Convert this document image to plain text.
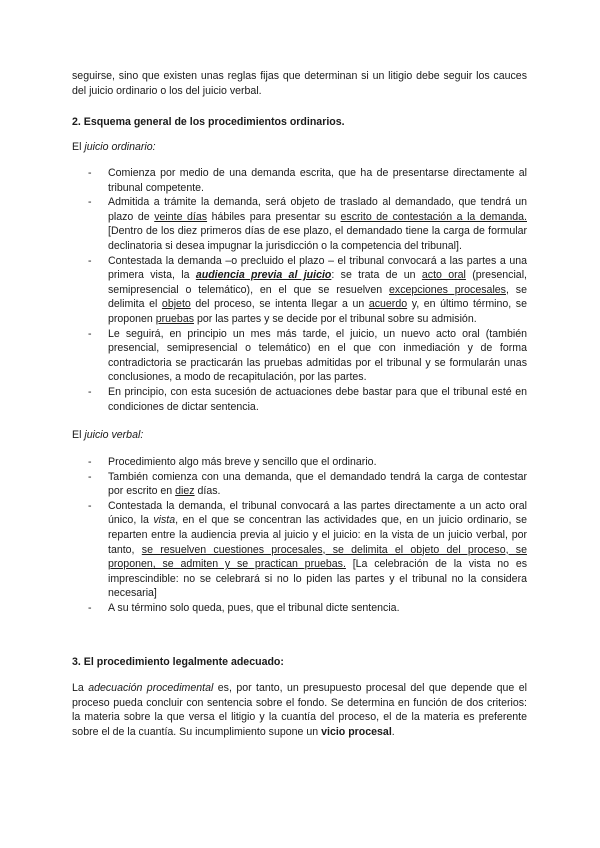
seguirse, sino que existen unas reglas fijas que determinan si un litigio debe seguir los cauces del juicio ordinario o los del juicio verbal.

2. Esquema general de los procedimientos ordinarios.

El juicio ordinario:

- Comienza por medio de una demanda escrita, que ha de presentarse directamente al tribunal competente.
- Admitida a trámite la demanda, será objeto de traslado al demandado, que tendrá un plazo de veinte días hábiles para presentar su escrito de contestación a la demanda. [Dentro de los diez primeros días de ese plazo, el demandado tiene la carga de formular declinatoria si desea impugnar la jurisdicción o la competencia del tribunal].
- Contestada la demanda –o precluido el plazo – el tribunal convocará a las partes a una primera vista, la audiencia previa al juicio: se trata de un acto oral (presencial, semipresencial o telemático), en el que se resuelven excepciones procesales, se delimita el objeto del proceso, se intenta llegar a un acuerdo y, en último término, se proponen pruebas por las partes y se decide por el tribunal sobre su admisión.
- Le seguirá, en principio un mes más tarde, el juicio, un nuevo acto oral (también presencial, semipresencial o telemático) en el que con inmediación y de forma contradictoria se practicarán las pruebas admitidas por el tribunal y se formularán unas conclusiones, a modo de recapitulación, por las partes.
- En principio, con esta sucesión de actuaciones debe bastar para que el tribunal esté en condiciones de dictar sentencia.

El juicio verbal:

- Procedimiento algo más breve y sencillo que el ordinario.
- También comienza con una demanda, que el demandado tendrá la carga de contestar por escrito en diez días.
- Contestada la demanda, el tribunal convocará a las partes directamente a un acto oral único, la vista, en el que se concentran las actividades que, en un juicio ordinario, se reparten entre la audiencia previa al juicio y el juicio: en la vista de un juicio verbal, por tanto, se resuelven cuestiones procesales, se delimita el objeto del proceso, se proponen, se admiten y se practican pruebas. [La celebración de la vista no es imprescindible: no se celebrará si no lo piden las partes y el tribunal no la considera necesaria]
- A su término solo queda, pues, que el tribunal dicte sentencia.

3. El procedimiento legalmente adecuado:

La adecuación procedimental es, por tanto, un presupuesto procesal del que depende que el proceso pueda concluir con sentencia sobre el fondo. Se determina en función de dos criterios: la materia sobre la que versa el litigio y la cuantía del proceso, el de la materia es preferente sobre el de la cuantía. Su incumplimiento supone un vicio procesal.
